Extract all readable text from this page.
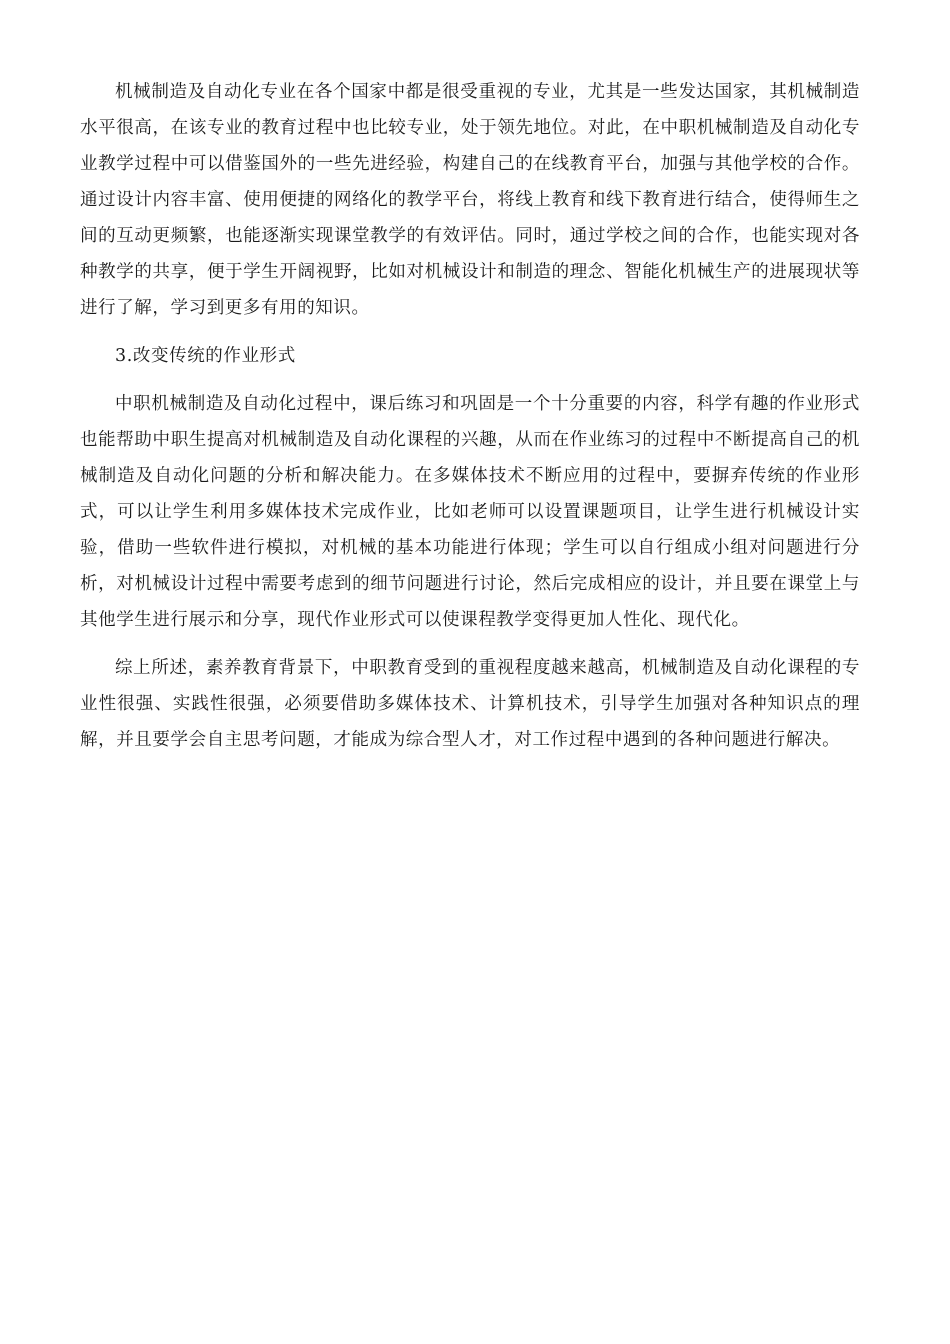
机械制造及自动化专业在各个国家中都是很受重视的专业，尤其是一些发达国家，其机械制造水平很高，在该专业的教育过程中也比较专业，处于领先地位。对此，在中职机械制造及自动化专业教学过程中可以借鉴国外的一些先进经验，构建自己的在线教育平台，加强与其他学校的合作。通过设计内容丰富、使用便捷的网络化的教学平台，将线上教育和线下教育进行结合，使得师生之间的互动更频繁，也能逐渐实现课堂教学的有效评估。同时，通过学校之间的合作，也能实现对各种教学的共享，便于学生开阔视野，比如对机械设计和制造的理念、智能化机械生产的进展现状等进行了解，学习到更多有用的知识。

3.改变传统的作业形式

中职机械制造及自动化过程中，课后练习和巩固是一个十分重要的内容，科学有趣的作业形式也能帮助中职生提高对机械制造及自动化课程的兴趣，从而在作业练习的过程中不断提高自己的机械制造及自动化问题的分析和解决能力。在多媒体技术不断应用的过程中，要摒弃传统的作业形式，可以让学生利用多媒体技术完成作业，比如老师可以设置课题项目，让学生进行机械设计实验，借助一些软件进行模拟，对机械的基本功能进行体现；学生可以自行组成小组对问题进行分析，对机械设计过程中需要考虑到的细节问题进行讨论，然后完成相应的设计，并且要在课堂上与其他学生进行展示和分享，现代作业形式可以使课程教学变得更加人性化、现代化。

综上所述，素养教育背景下，中职教育受到的重视程度越来越高，机械制造及自动化课程的专业性很强、实践性很强，必须要借助多媒体技术、计算机技术，引导学生加强对各种知识点的理解，并且要学会自主思考问题，才能成为综合型人才，对工作过程中遇到的各种问题进行解决。
